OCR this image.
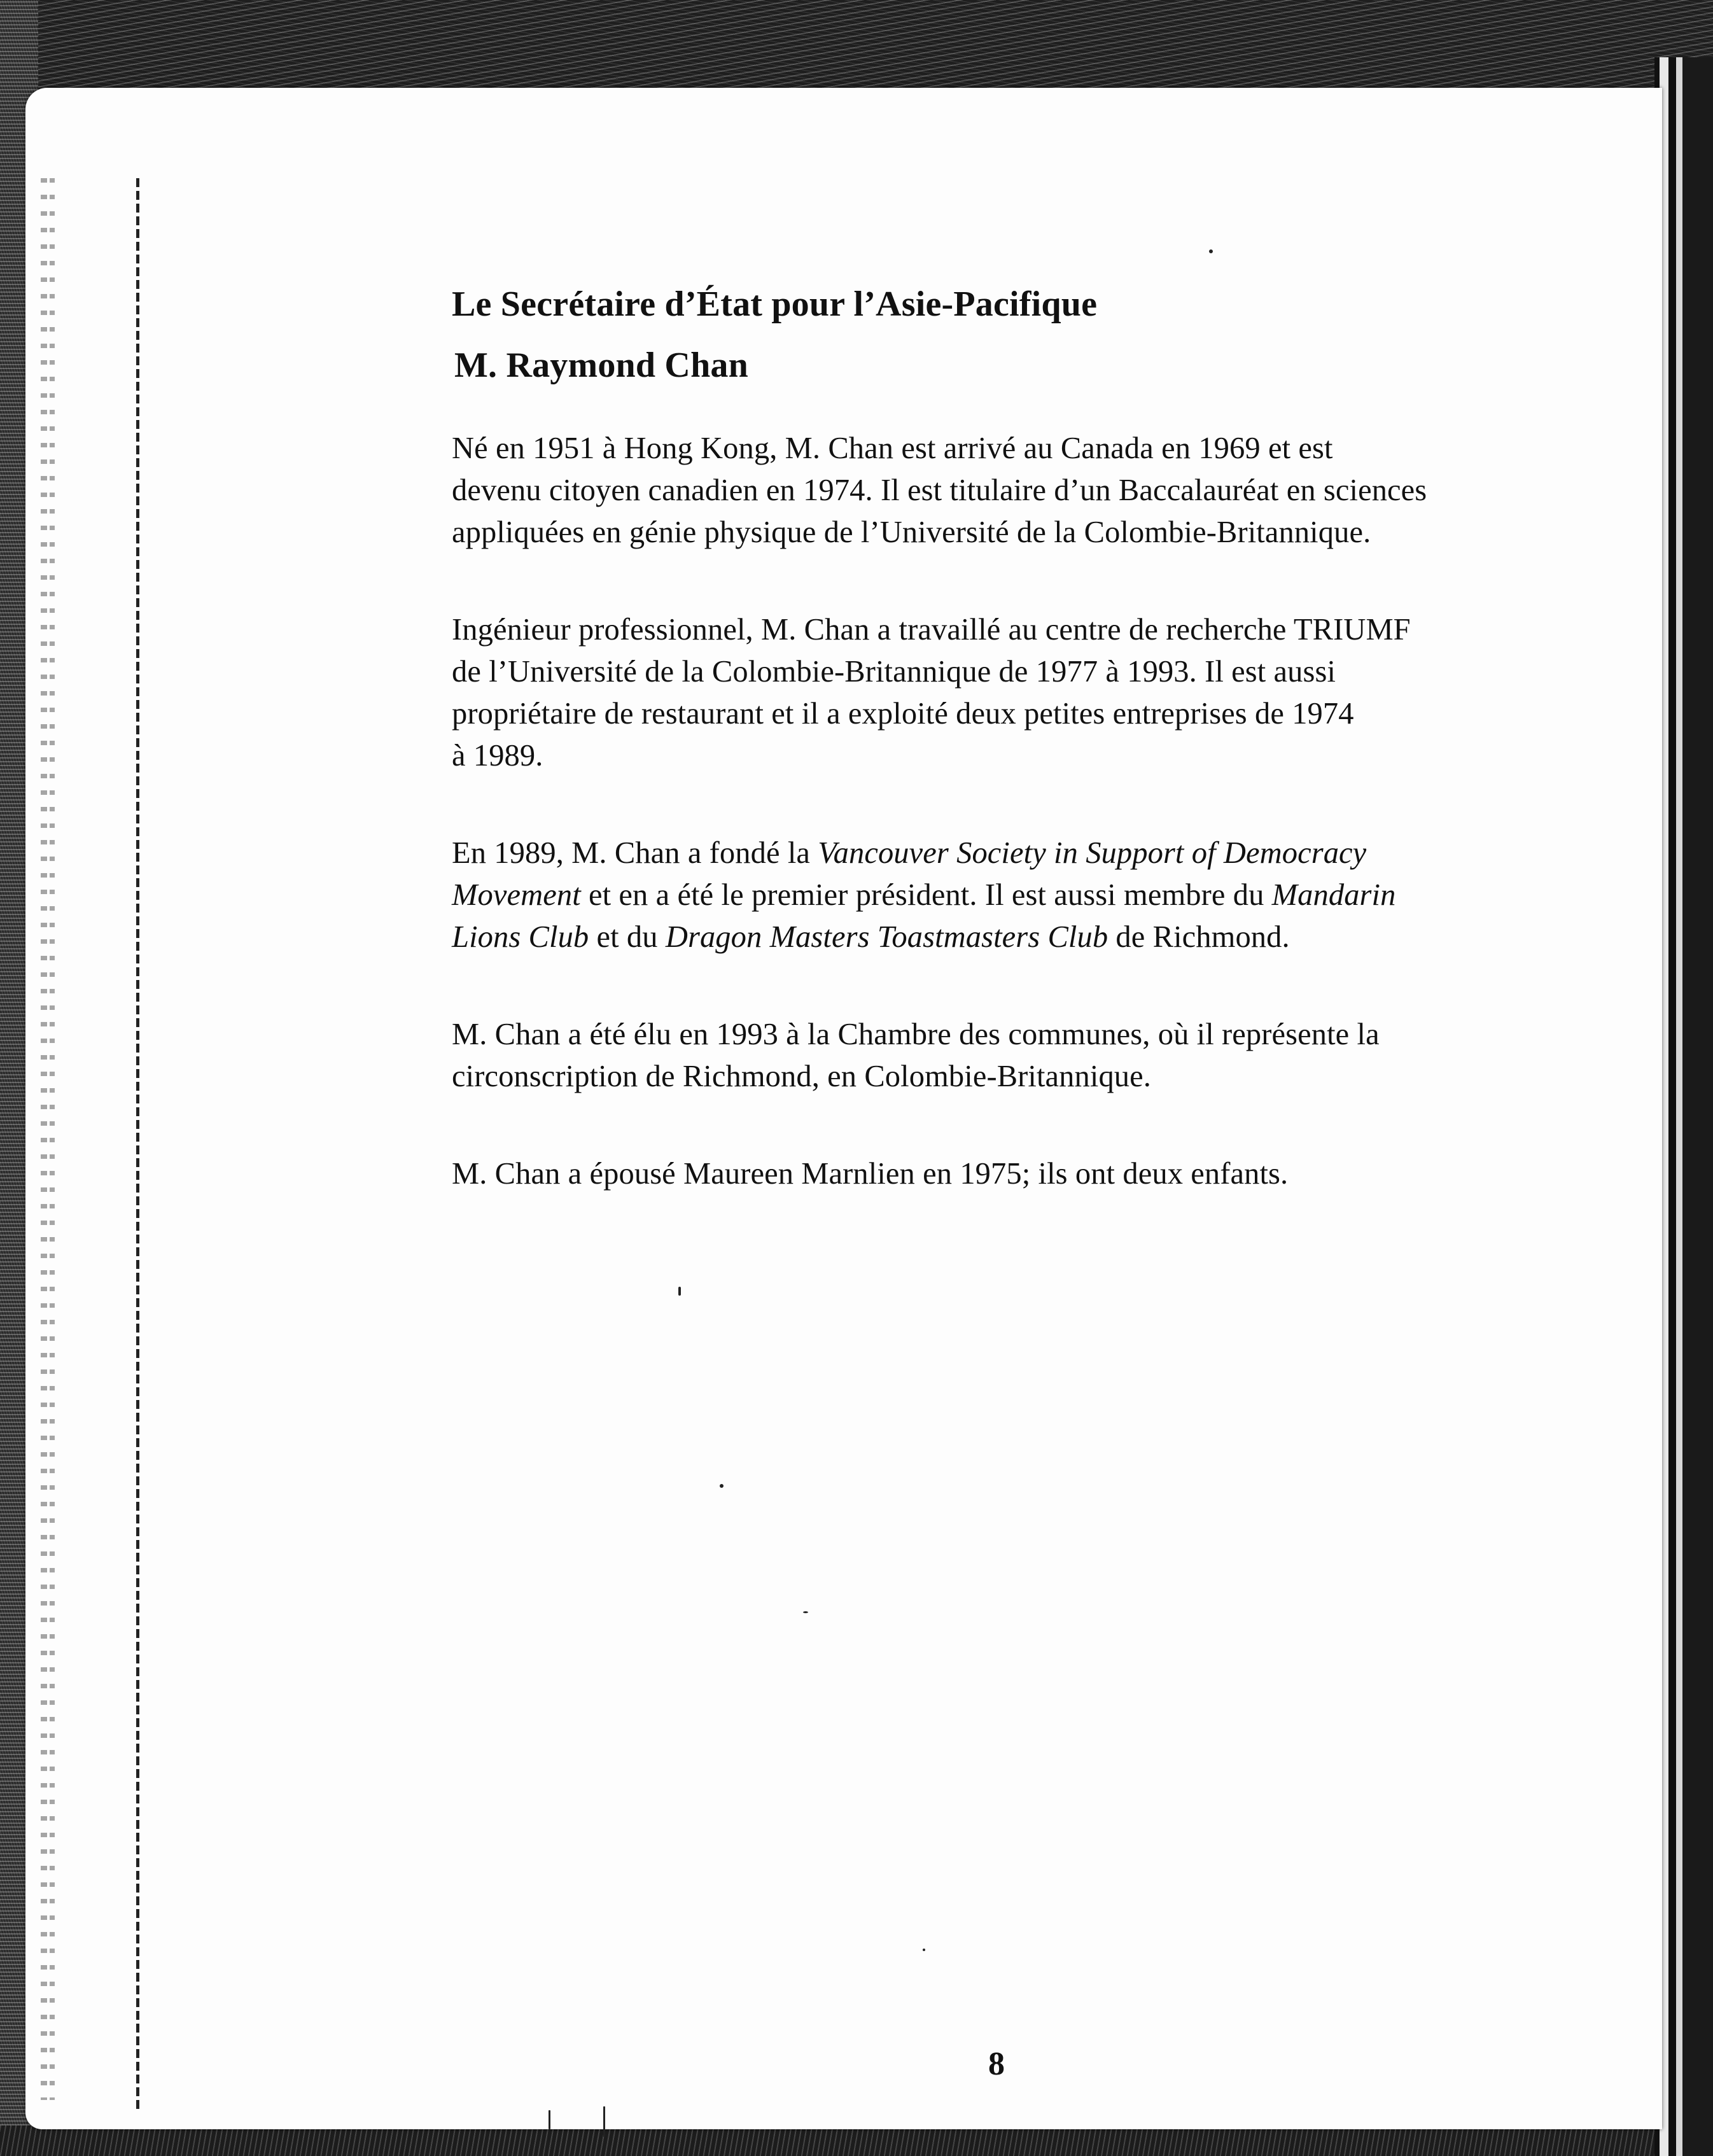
Le Secrétaire d’État pour l’Asie-Pacifique
M. Raymond Chan

Né en 1951 à Hong Kong, M. Chan est arrivé au Canada en 1969 et est
devenu citoyen canadien en 1974. Il est titulaire d’un Baccalauréat en sciences
appliquées en génie physique de l’Université de la Colombie-Britannique.

Ingénieur professionnel, M. Chan a travaillé au centre de recherche TRIUMF
de l’Université de la Colombie-Britannique de 1977 à 1993. Il est aussi
propriétaire de restaurant et il a exploité deux petites entreprises de 1974
à 1989.

En 1989, M. Chan a fondé la Vancouver Society in Support of Democracy
Movement et en a été le premier président. Il est aussi membre du Mandarin
Lions Club et du Dragon Masters Toastmasters Club de Richmond.

M. Chan a été élu en 1993 à la Chambre des communes, où il représente la
circonscription de Richmond, en Colombie-Britannique.

M. Chan a épousé Maureen Marnlien en 1975; ils ont deux enfants.

8
